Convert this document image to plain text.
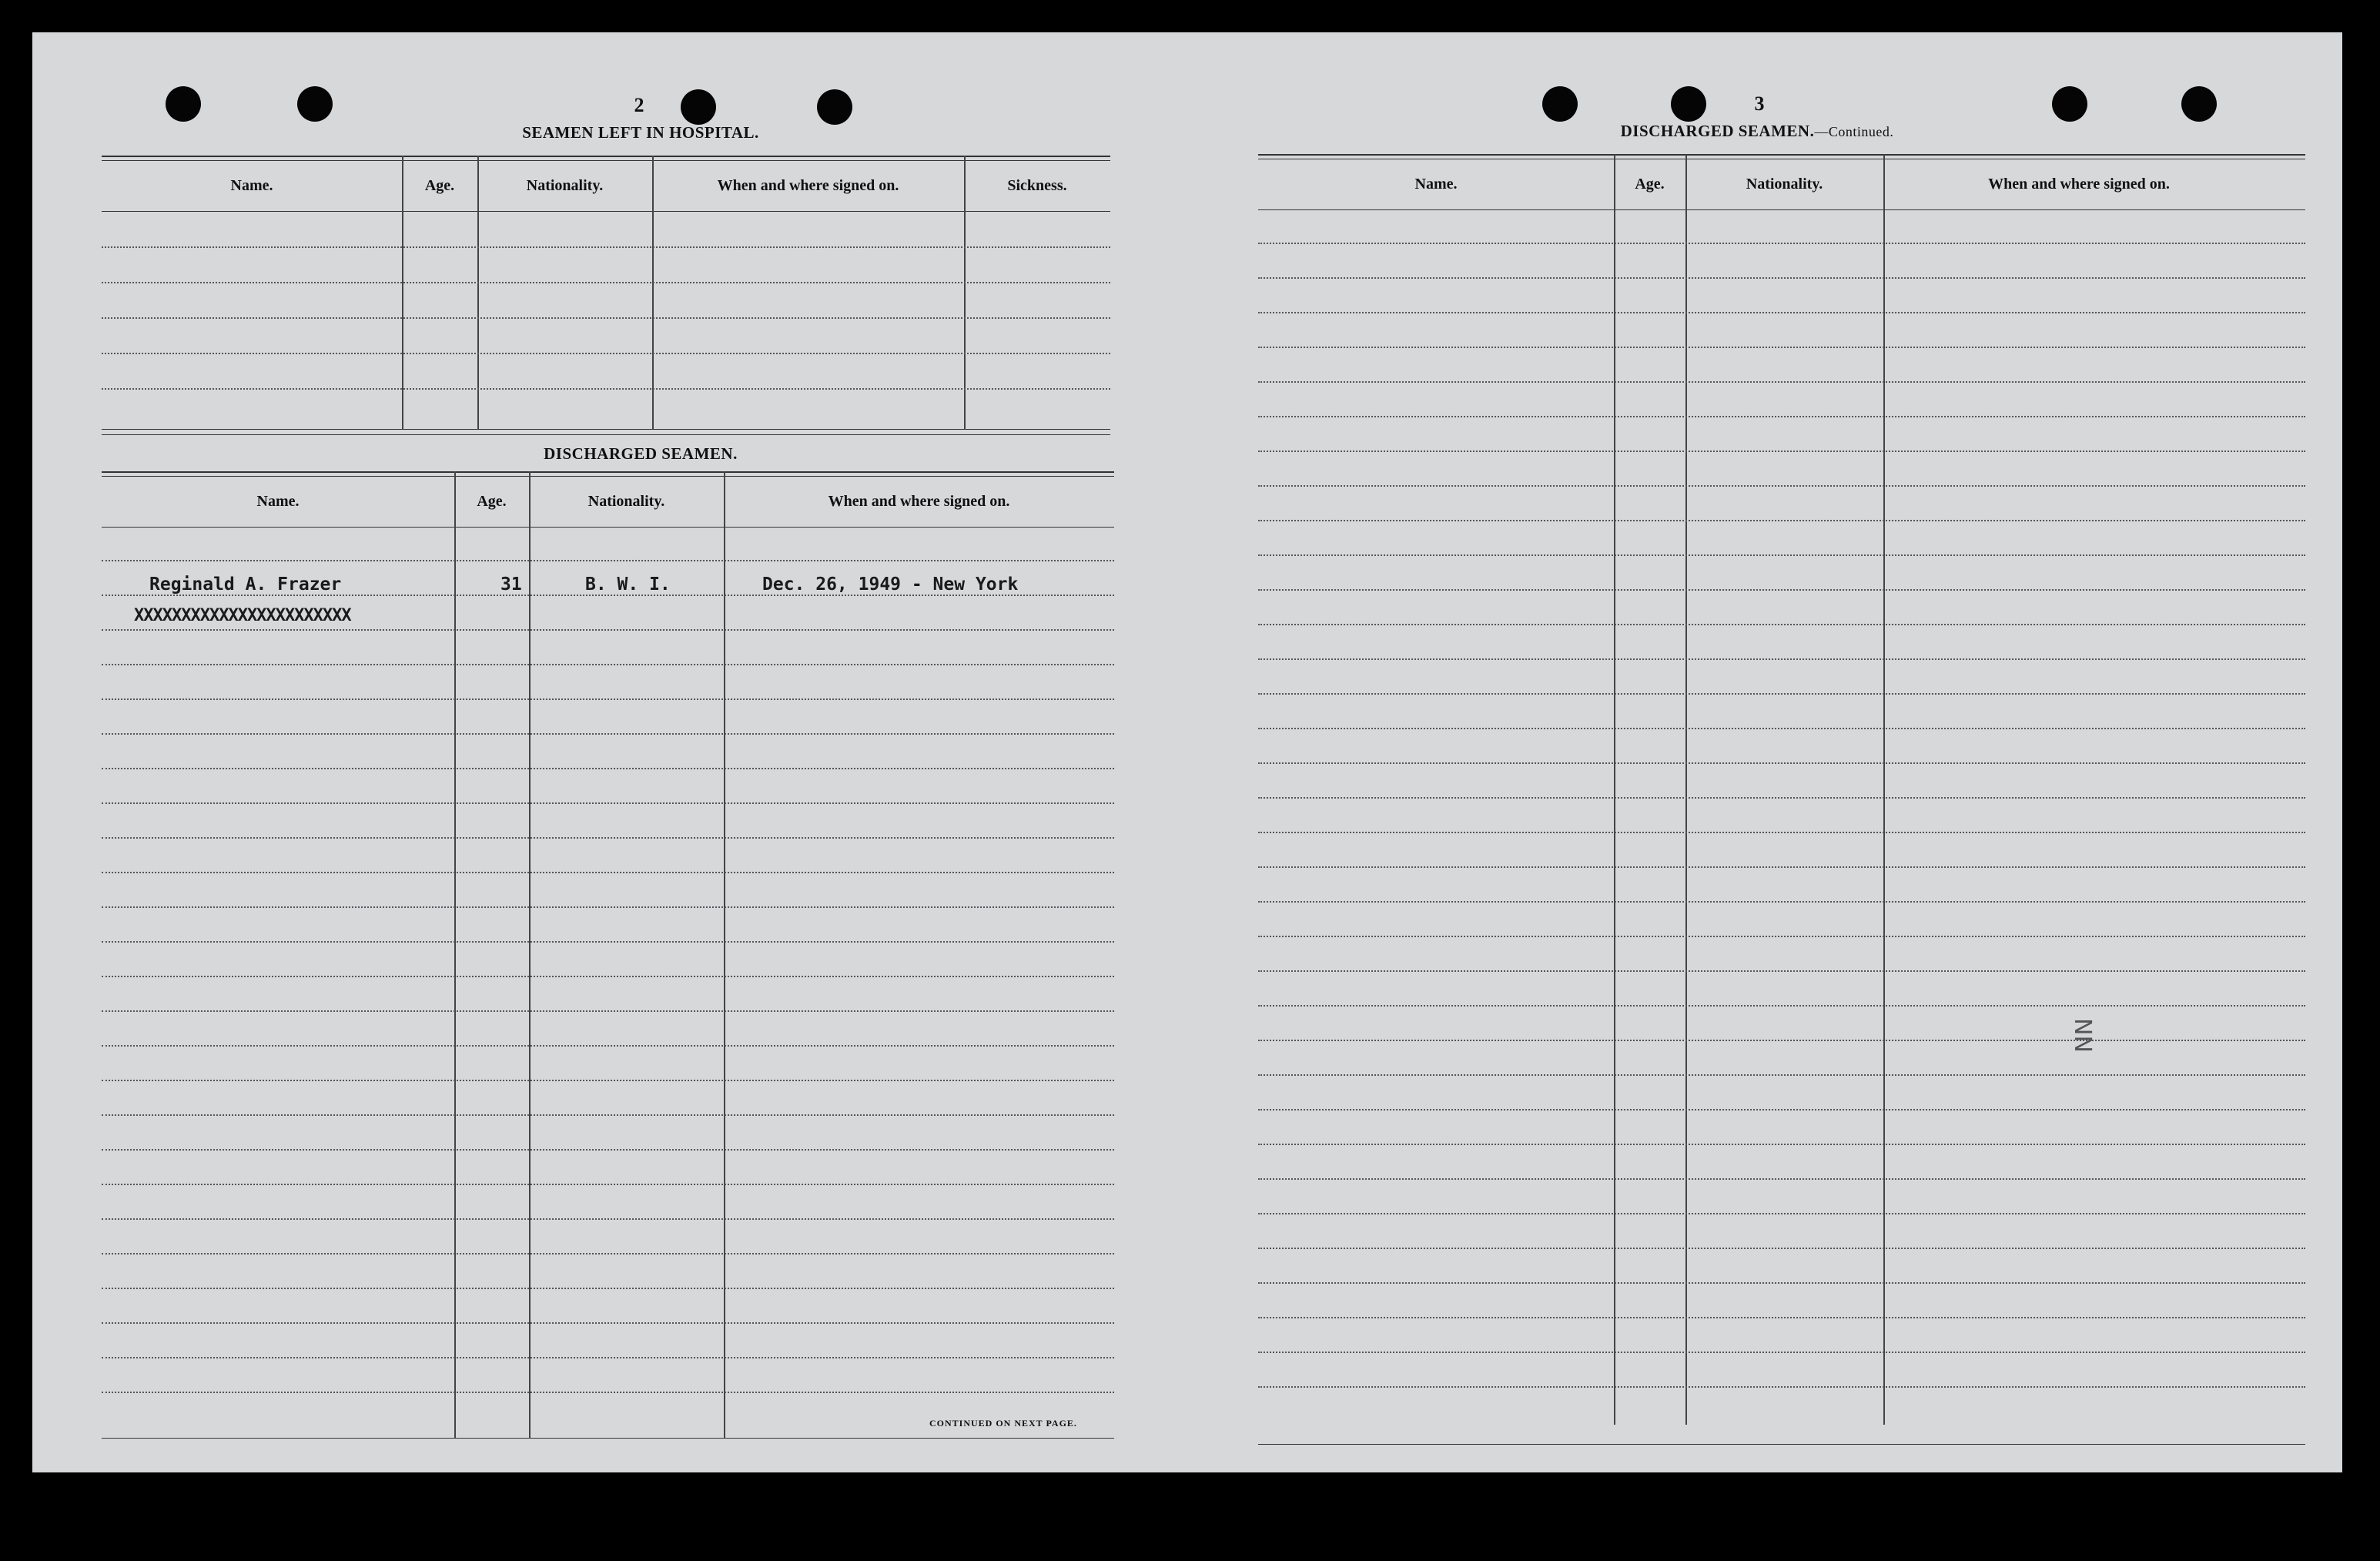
2
SEAMEN LEFT IN HOSPITAL.
Name.	Age.	Nationality.	When and where signed on.	Sickness.
DISCHARGED SEAMEN.
Name.	Age.	Nationality.	When and where signed on.
Reginald A. Frazer	31	B. W. I.	Dec. 26, 1949 - New York
XXXXXXXXXXXXXXXXXXXXXXX
CONTINUED ON NEXT PAGE.
3
DISCHARGED SEAMEN.—Continued.
Name.	Age.	Nationality.	When and where signed on.
NN
